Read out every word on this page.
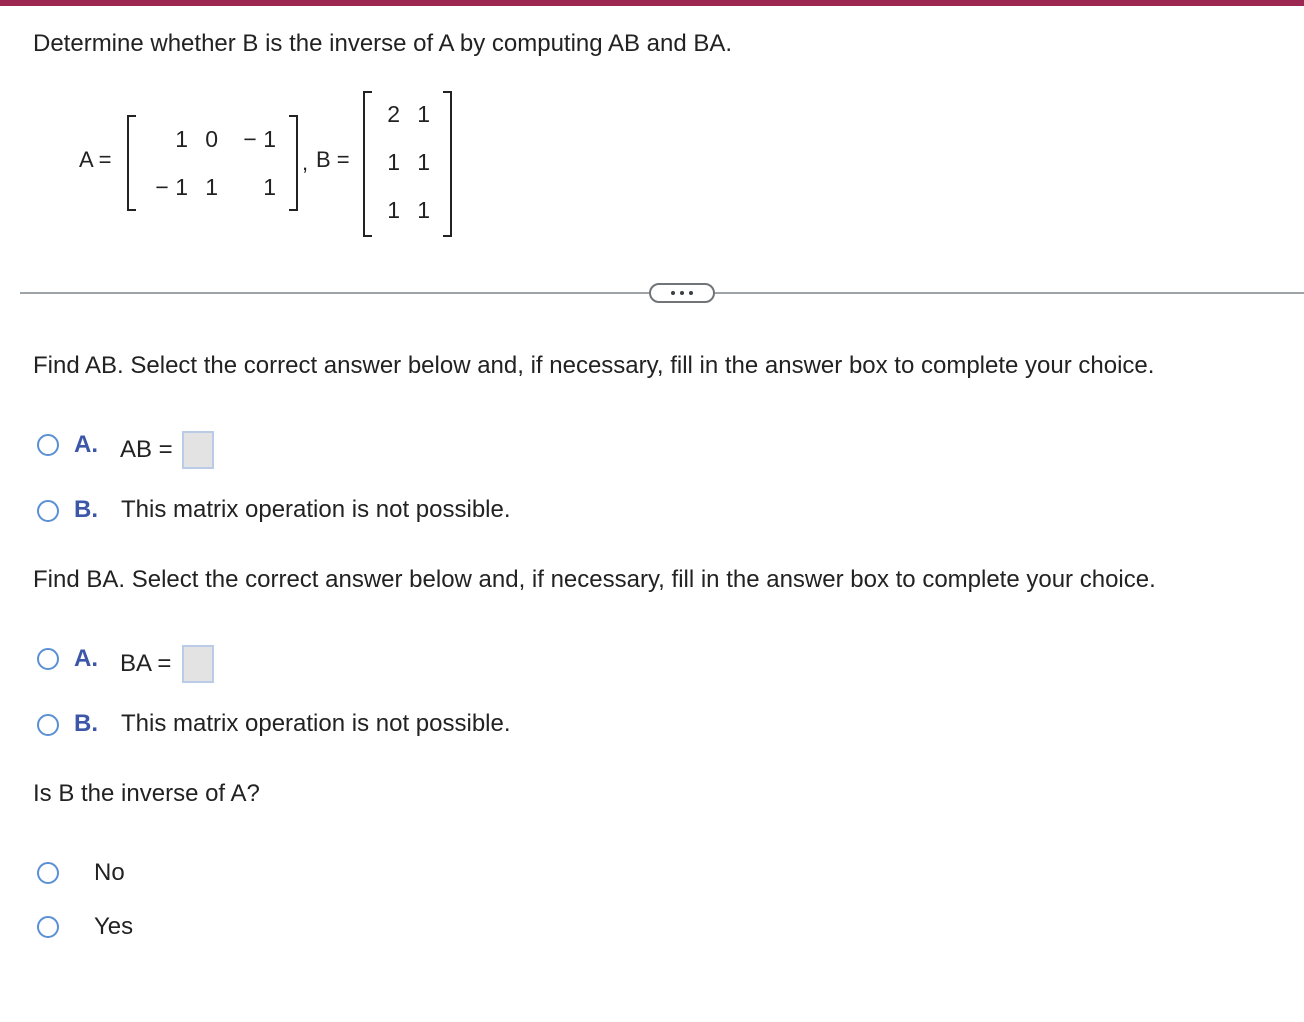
Determine whether B is the inverse of A by computing AB and BA.
A =
1 0	− 1
− 1 1	1
, B =
2 1
1 1
1 1
Find AB. Select the correct answer below and, if necessary, fill in the answer box to complete your choice.
A. AB =
B. This matrix operation is not possible.
Find BA. Select the correct answer below and, if necessary, fill in the answer box to complete your choice.
A. BA =
B. This matrix operation is not possible.
Is B the inverse of A?
No
Yes
